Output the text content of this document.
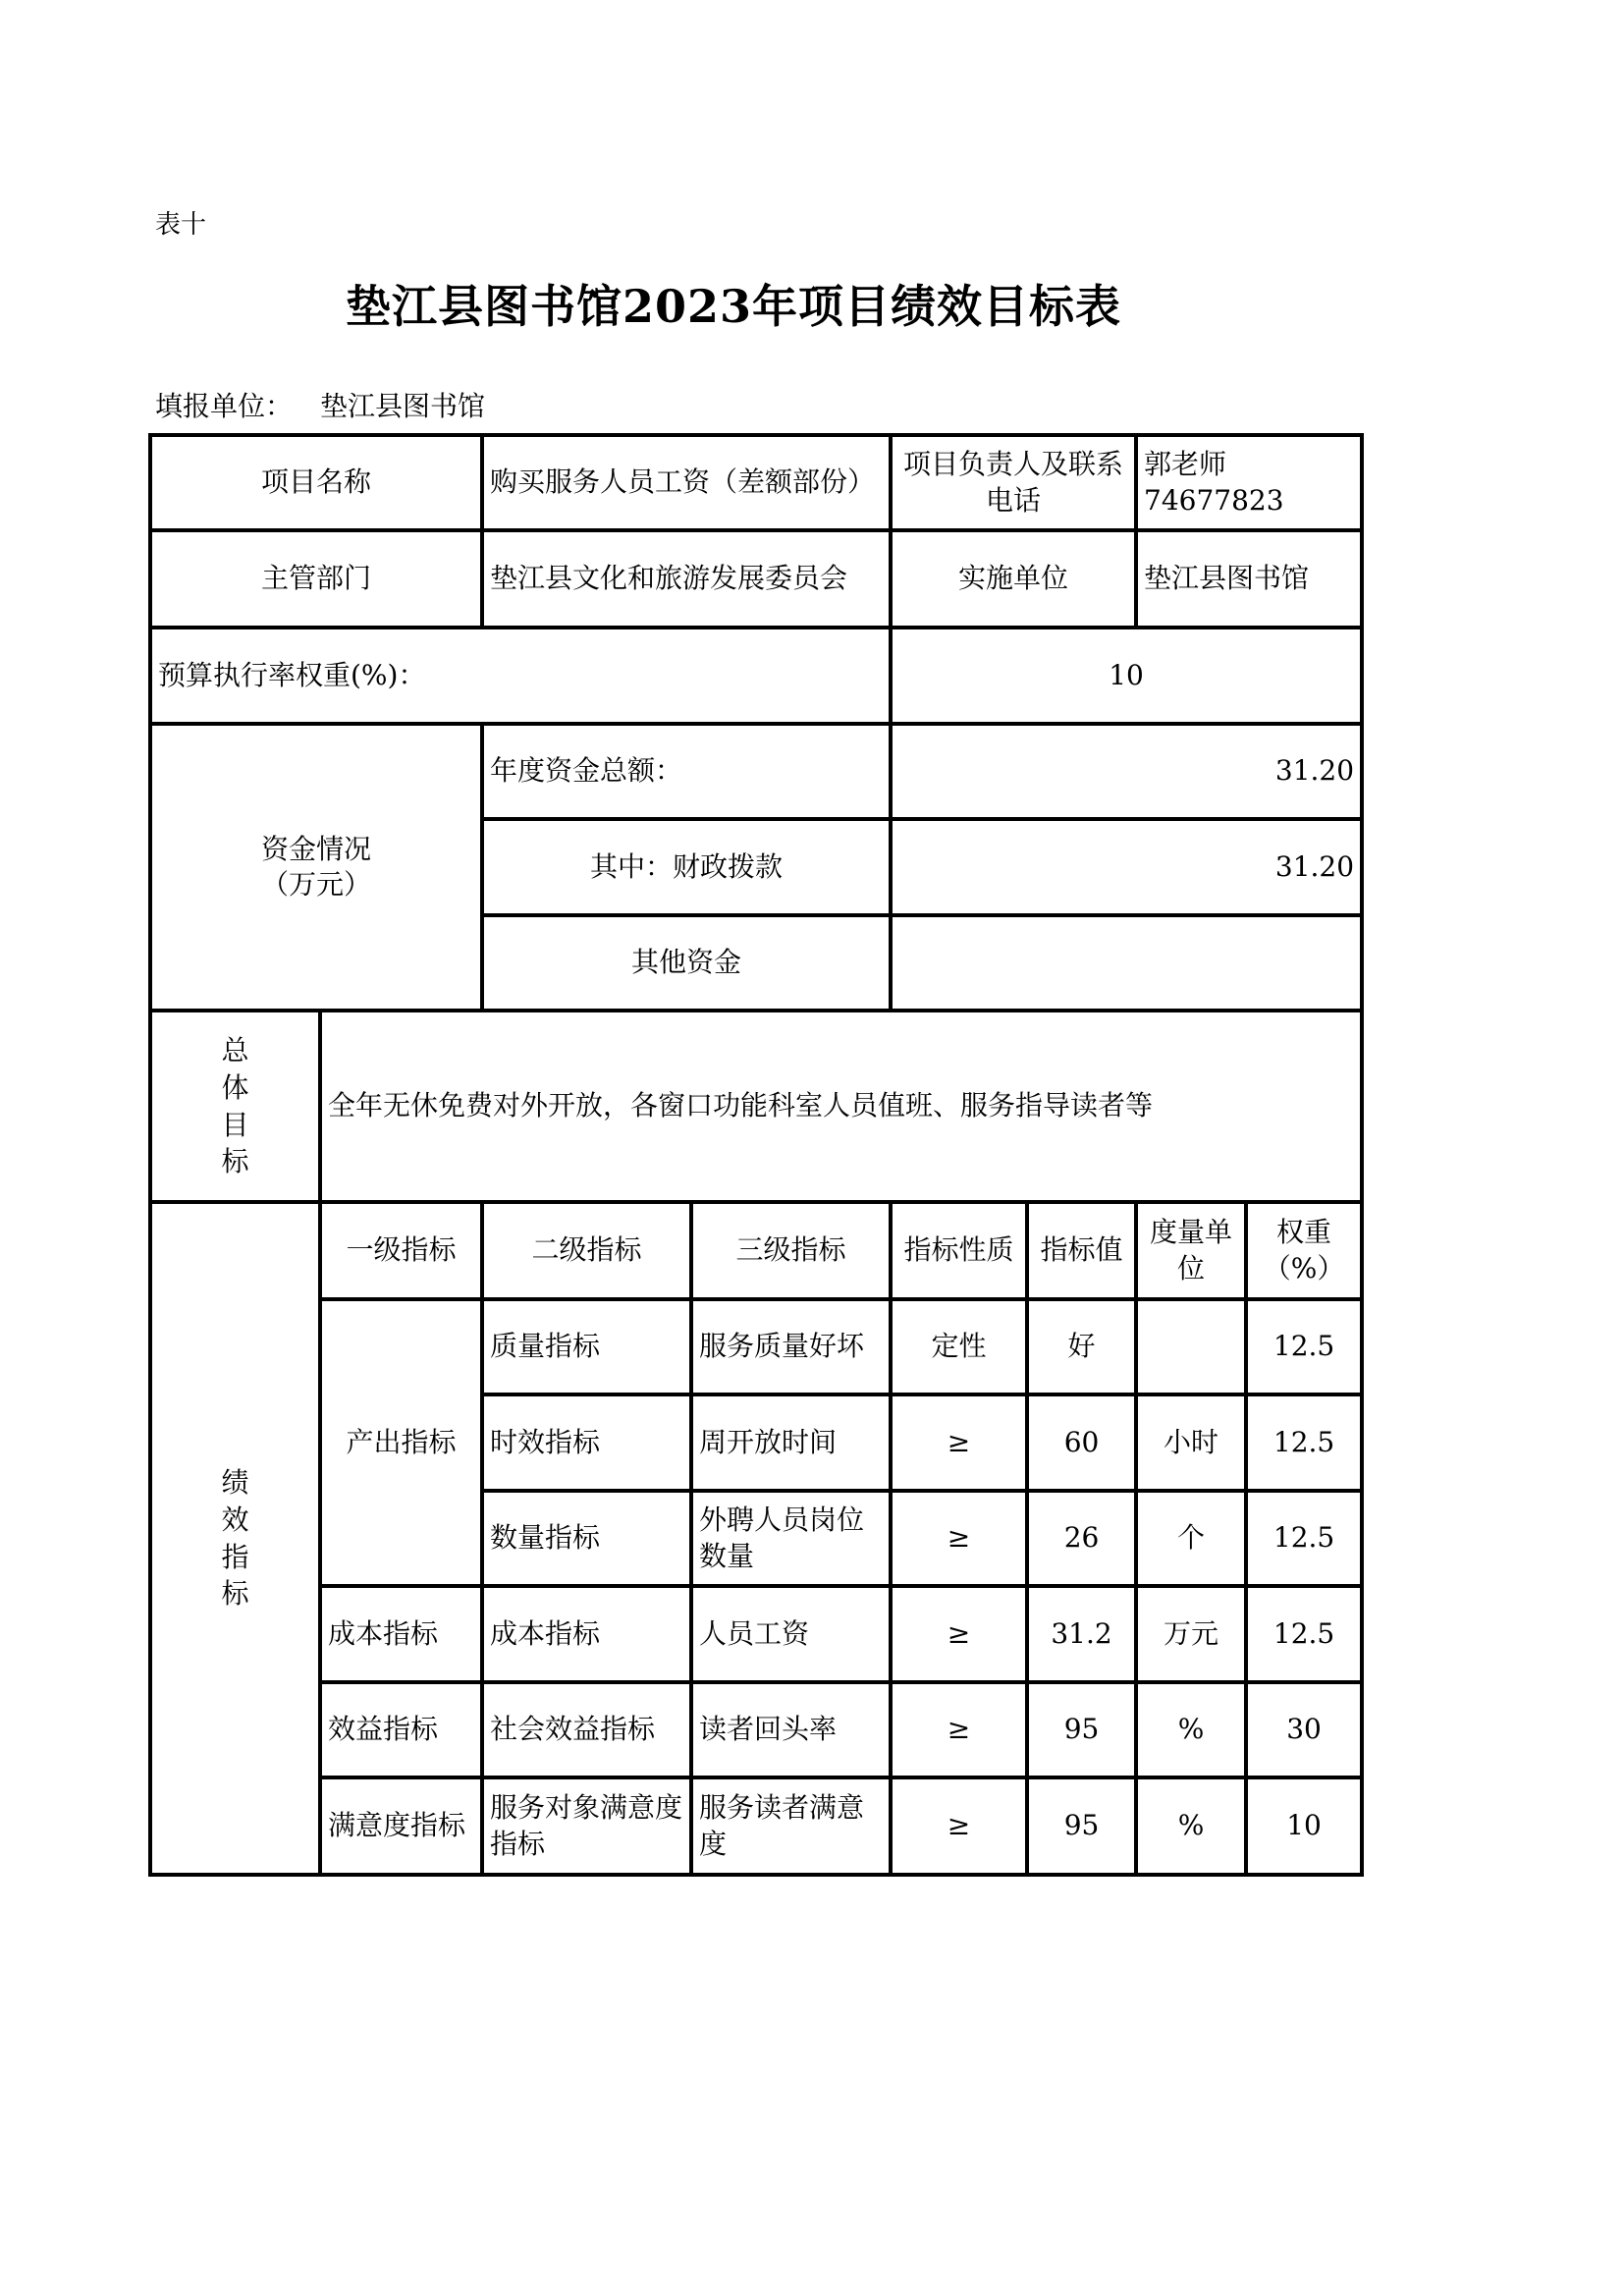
表十
垫江县图书馆2023年项目绩效目标表
填报单位： 垫江县图书馆
项目名称		购买服务人员工资（差额部份）		项目负责人及联系电话		郭老师
74677823	

主管部门		垫江县文化和旅游发展委员会		实施单位		垫江县图书馆	
预算执行率权重(%)：				10			

资金情况
（万元）		年度资金总额：		31.20			
		其中：财政拨款		31.20			
		其他资金					

总
体
目
标	全年无休免费对外开放，各窗口功能科室人员值班、服务指导读者等						

绩
效
指
标	一级指标	二级指标	三级指标	指标性质	指标值	度量单位	权重（%）
	产出指标	质量指标	服务质量好坏	定性	好		12.5
		时效指标	周开放时间	≥	60	小时	12.5
		数量指标	外聘人员岗位数量	≥	26	个	12.5
	成本指标	成本指标	人员工资	≥	31.2	万元	12.5
	效益指标	社会效益指标	读者回头率	≥	95	%	30
	满意度指标	服务对象满意度指标	服务读者满意度	≥	95	%	10
